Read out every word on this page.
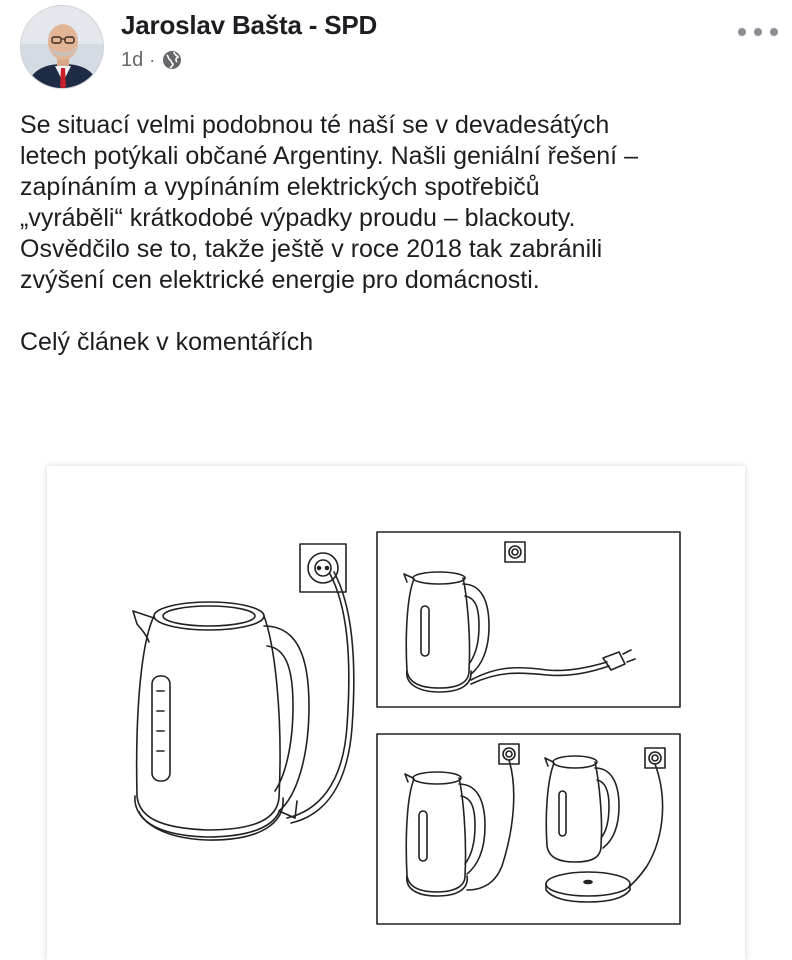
Jaroslav Bašta - SPD
1d ·

Se situací velmi podobnou té naší se v devadesátých

letech potýkali občané Argentiny. Našli geniální řešení –

zapínáním a vypínáním elektrických spotřebičů

„vyráběli“ krátkodobé výpadky proudu – blackouty.

Osvědčilo se to, takže ještě v roce 2018 tak zabránili

zvýšení cen elektrické energie pro domácnosti.

Celý článek v komentářích
